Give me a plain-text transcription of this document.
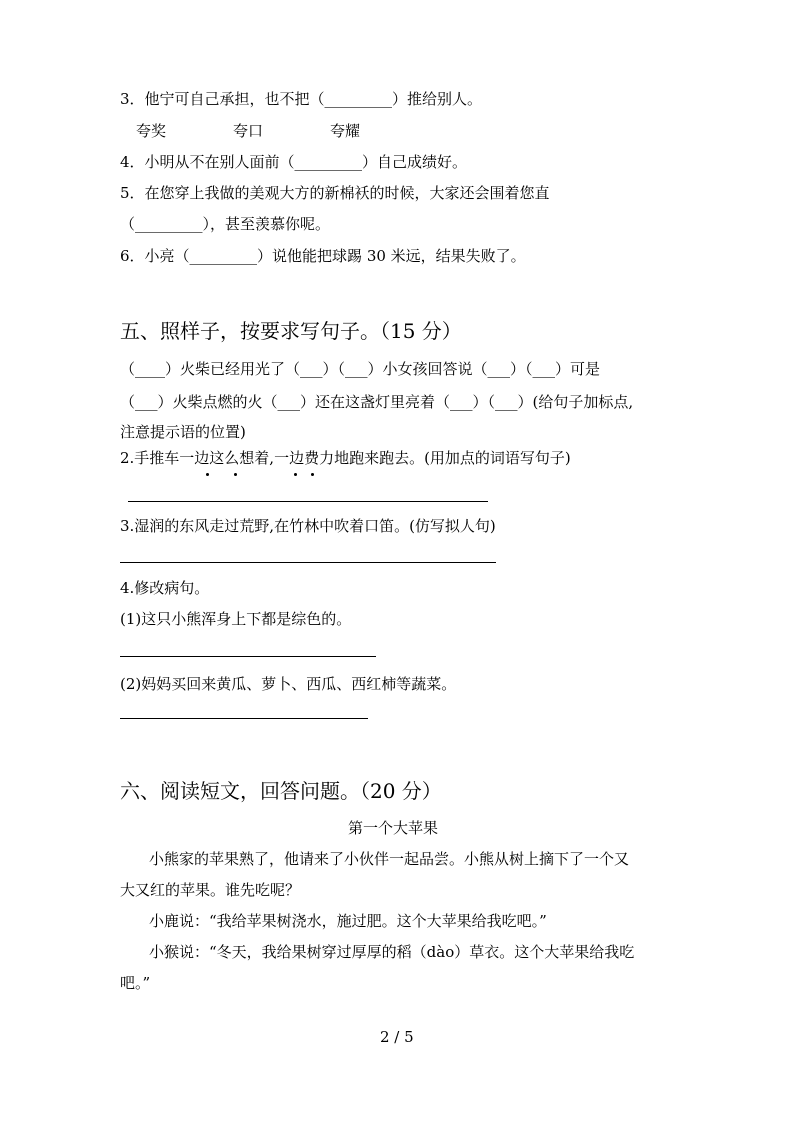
3．他宁可自己承担，也不把（_________）推给别人。
夸奖	夸口	夸耀
4．小明从不在别人面前（_________）自己成绩好。
5．在您穿上我做的美观大方的新棉袄的时候，大家还会围着您直
（_________），甚至羡慕你呢。
6．小亮（_________）说他能把球踢 30 米远，结果失败了。
五、照样子，按要求写句子。（15 分）
（____）火柴已经用光了（___）（___）小女孩回答说（___）（___）可是
（___）火柴点燃的火（___）还在这盏灯里亮着（___）（___）(给句子加标点,
注意提示语的位置)
2.手推车一边这么想着,一边费力地跑来跑去。(用加点的词语写句子)
3.湿润的东风走过荒野,在竹林中吹着口笛。(仿写拟人句)
4.修改病句。
(1)这只小熊浑身上下都是综色的。
(2)妈妈买回来黄瓜、萝卜、西瓜、西红柿等蔬菜。
六、阅读短文，回答问题。（20 分）
第一个大苹果
小熊家的苹果熟了，他请来了小伙伴一起品尝。小熊从树上摘下了一个又
大又红的苹果。谁先吃呢？
小鹿说：“我给苹果树浇水，施过肥。这个大苹果给我吃吧。”
小猴说：“冬天，我给果树穿过厚厚的稻（dào）草衣。这个大苹果给我吃
吧。”
2 / 5
